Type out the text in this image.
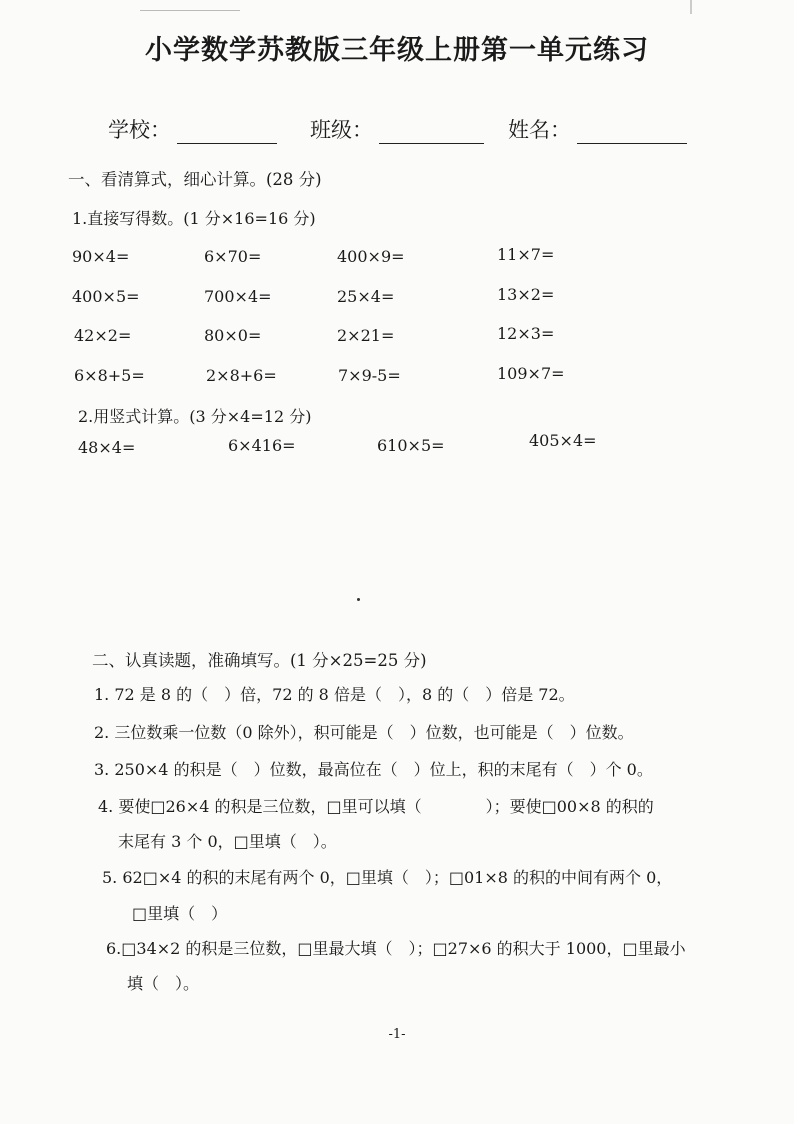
小学数学苏教版三年级上册第一单元练习
学校：	班级：	姓名：
一、看清算式，细心计算。(28 分)
1.直接写得数。(1 分×16=16 分)
90×4=	6×70=	400×9=	11×7=
400×5=	700×4=	25×4=	13×2=
42×2=	80×0=	2×21=	12×3=
6×8+5=	2×8+6=	7×9-5=	109×7=
2.用竖式计算。(3 分×4=12 分)
48×4=	6×416=	610×5=	405×4=
二、认真读题，准确填写。(1 分×25=25 分)
1. 72 是 8 的（　）倍，72 的 8 倍是（　），8 的（　）倍是 72。
2. 三位数乘一位数（0 除外），积可能是（　）位数，也可能是（　）位数。
3. 250×4 的积是（　）位数，最高位在（　）位上，积的末尾有（　）个 0。
4. 要使□26×4 的积是三位数，□里可以填（　　　　）；要使□00×8 的积的
末尾有 3 个 0，□里填（　）。
5. 62□×4 的积的末尾有两个 0，□里填（　）；□01×8 的积的中间有两个 0，
□里填（　）
6.□34×2 的积是三位数，□里最大填（　）；□27×6 的积大于 1000，□里最小
填（　）。
-1-
